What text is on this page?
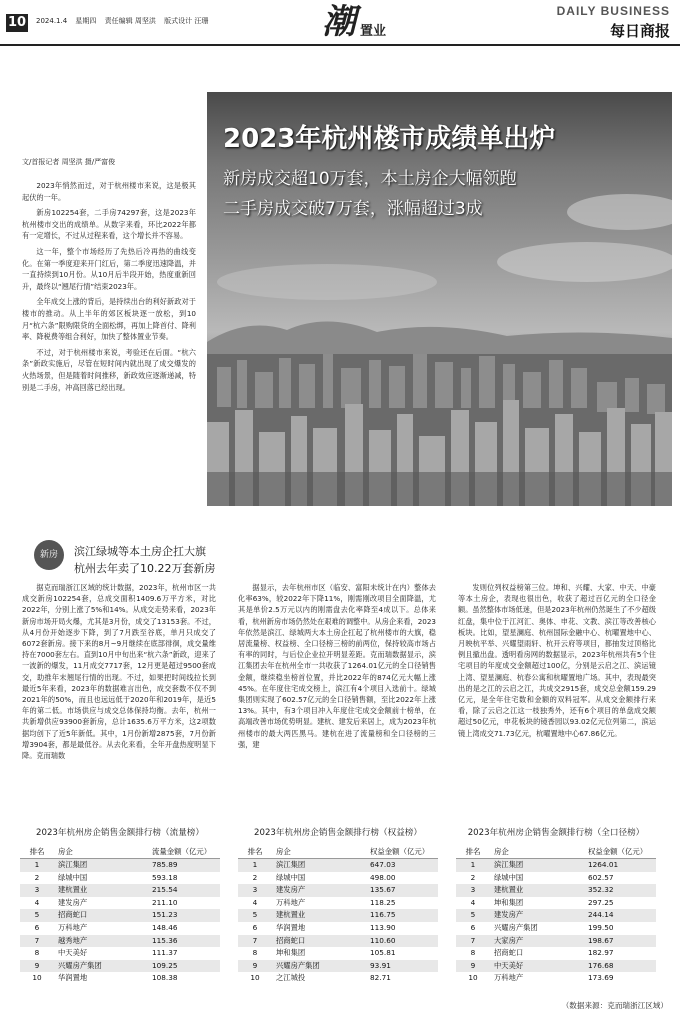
10 2024.1.4 星期四 责任编辑 周坚洪 版式设计 汪珊	潮 置业
DAILY BUSINESS
每日商报
2023年杭州楼市成绩单出炉
新房成交超10万套，本土房企大幅领跑
二手房成交破7万套，涨幅超过3成
文/首报记者 周坚洪 摄/严富俊

2023年悄然而过，对于杭州楼市来说，这是极其起伏的一年。

新房102254套，二手房74297套，这是2023年杭州楼市交出的成绩单。从数字来看，环比2022年都有一定增长，不过从过程来看，这个增长并不容易。

这一年，整个市场经历了先热后冷再热的曲线变化。在第一季度迎来开门红后，第二季度迅速降温，并一直持续到10月份。从10月后半段开始，热度重新回升，最终以“翘尾行情”结束2023年。

全年成交上涨的背后，是持续出台的利好新政对于楼市的推动。从上半年的郊区板块逐一放松，到10月“杭六条”限购限贷的全面松绑，再加上降首付、降利率、降税费等组合利好，加快了整体置业节奏。

不过，对于杭州楼市来说，考验还在后面。“杭六条”新政实施后，尽管在短时间内就出现了成交爆发的火热场景，但是随着时间推移，新政效应逐渐递减，特别是二手房，冲高回落已经出现。

新房	滨江绿城等本土房企扛大旗
杭州去年卖了10.22万套新房

据克而瑞浙江区域的统计数据，2023年，杭州市区一共成交新房102254套，总成交面积1409.6万平方米，对比2022年，分别上涨了5%和14%。从成交走势来看，2023年新房市场开局火爆，尤其是3月份，成交了13153套。不过，从4月份开始逐步下降，到了7月跌至谷底，单月只成交了6072套新房。接下来的8月~9月继续在底部徘徊，成交量维持在7000套左右。直到10月中旬出来“杭六条”新政，迎来了一波新的爆发，11月成交7717套，12月更是超过9500套成交，助推年末翘尾行情的出现。不过，如果把时间线拉长到最近5年来看，2023年的数据难言出色，成交套数不仅不到2021年的50%，而且也远远低于2020年和2019年，是近5年的第二低。市场供应与成交总体保持均衡。去年，杭州一共新增供应93900套新房，总计1635.6万平方米，这2项数据均创下了近5年新低。其中，1月份新增2875套，7月份新增3904套，都是最低谷。从去化来看，全年开盘热度明显下降。克而瑞数

据显示，去年杭州市区（临安、富阳未统计在内）整体去化率63%，较2022年下降11%，刚需刚改项目全面降温，尤其是单价2.5万元以内的刚需盘去化率降至4成以下。总体来看，杭州新房市场仍然处在艰难的调整中。从房企来看，2023年依然是滨江、绿城两大本土房企扛起了杭州楼市的大旗，稳居流量榜、权益榜、全口径榜三榜的前两位，保持较高市场占有率的同时，与后位企业拉开明显差距。克而瑞数据显示，滨江集团去年在杭州全市一共收获了1264.01亿元的全口径销售金额，继续稳坐榜首位置，并比2022年的874亿元大幅上涨45%。在年度住宅成交榜上，滨江有4个项目入选前十。绿城集团则实现了602.57亿元的全口径销售额，至比2022年上涨13%。其中，有3个项目冲入年度住宅成交金额前十榜单，在高端改善市场优势明显。建杭、建发后来居上，成为2023年杭州楼市的最大两匹黑马。建杭在进了流量榜和全口径榜的三强，建

发则位列权益榜第三位。坤和、兴耀、大家、中天、中豪等本土房企，表现也很出色，收获了超过百亿元的全口径金额。虽然整体市场低迷，但是2023年杭州仍然诞生了不少超级红盘，集中位于江河汇、奥体、申花、文教、滨江等改善核心板块。比如，望星澜庭、杭州国际金融中心、杭曜置地中心、月映杭平举、兴耀望雨轩、杭开云府等项目，都抽发过顶格比例且撤出盘。透明看房网的数据显示，2023年杭州共有5个住宅项目的年度成交金额超过100亿，分别是云启之江、滨运镜上湾、望星澜庭、杭春公寓和杭曜置地广场。其中，表现最突出的是之江的云启之江，共成交2915套，成交总金额159.29亿元，是全年住宅数和金额的双料冠军。从成交金额排行来看，除了云启之江这一枝独秀外，还有6个项目的单盘成交额超过50亿元，申花板块的镜香园以93.02亿元位列第二，滨运镜上湾成交71.73亿元，杭曜置地中心67.86亿元。

2023年杭州房企销售金额排行榜（流量榜）
排名	房企	流量金额（亿元）
1	滨江集团	785.89
2	绿城中国	593.18
3	建杭置业	215.54
4	建发房产	211.10
5	招商蛇口	151.23
6	万科地产	148.46
7	越秀地产	115.36
8	中天美好	111.37
9	兴耀房产集团	109.25
10	华润置地	108.38
2023年杭州房企销售金额排行榜（权益榜）
排名	房企	权益金额（亿元）
1	滨江集团	647.03
2	绿城中国	498.00
3	建发房产	135.67
4	万科地产	118.25
5	建杭置业	116.75
6	华润置地	113.90
7	招商蛇口	110.60
8	坤和集团	105.81
9	兴耀房产集团	93.91
10	之江城投	82.71
2023年杭州房企销售金额排行榜（全口径榜）
排名	房企	权益金额（亿元）
1	滨江集团	1264.01
2	绿城中国	602.57
3	建杭置业	352.32
4	坤和集团	297.25
5	建发房产	244.14
6	兴耀房产集团	199.50
7	大家房产	198.67
8	招商蛇口	182.97
9	中天美好	176.68
10	万科地产	173.69
（数据来源：克而瑞浙江区域）
